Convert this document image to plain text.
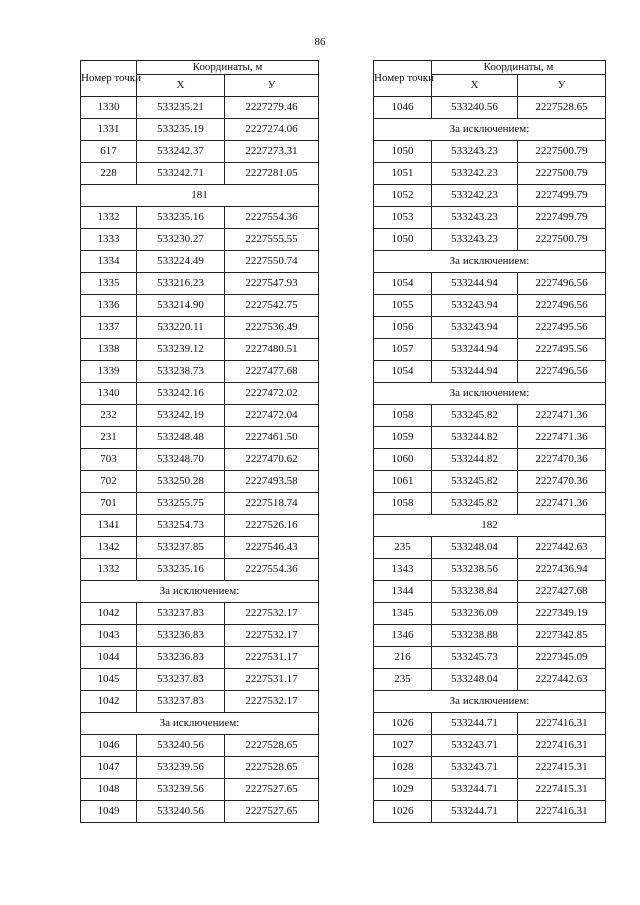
86
Номер точки	Координаты, м	
	Х	У
1330	533235.21	2227279.46
1331	533235.19	2227274.06
617	533242.37	2227273.31
228	533242.71	2227281.05
181		
1332	533235.16	2227554.36
1333	533230.27	2227555.55
1334	533224.49	2227550.74
1335	533216.23	2227547.93
1336	533214.90	2227542.75
1337	533220.11	2227536.49
1338	533239.12	2227480.51
1339	533238.73	2227477.68
1340	533242.16	2227472.02
232	533242.19	2227472.04
231	533248.48	2227461.50
703	533248.70	2227470.62
702	533250.28	2227493.58
701	533255.75	2227518.74
1341	533254.73	2227526.16
1342	533237.85	2227546.43
1332	533235.16	2227554.36
За исключением:		
1042	533237.83	2227532.17
1043	533236.83	2227532.17
1044	533236.83	2227531.17
1045	533237.83	2227531.17
1042	533237.83	2227532.17
За исключением:		
1046	533240.56	2227528.65
1047	533239.56	2227528.65
1048	533239.56	2227527.65
1049	533240.56	2227527.65
Номер точки	Координаты, м	
	Х	У
1046	533240.56	2227528.65
За исключением:		
1050	533243.23	2227500.79
1051	533242.23	2227500.79
1052	533242.23	2227499.79
1053	533243.23	2227499.79
1050	533243.23	2227500.79
За исключением:		
1054	533244.94	2227496.56
1055	533243.94	2227496.56
1056	533243.94	2227495.56
1057	533244.94	2227495.56
1054	533244.94	2227496.56
За исключением:		
1058	533245.82	2227471.36
1059	533244.82	2227471.36
1060	533244.82	2227470.36
1061	533245.82	2227470.36
1058	533245.82	2227471.36
182		
235	533248.04	2227442.63
1343	533238.56	2227436.94
1344	533238.84	2227427.68
1345	533236.09	2227349.19
1346	533238.88	2227342.85
216	533245.73	2227345.09
235	533248.04	2227442.63
За исключением:		
1026	533244.71	2227416.31
1027	533243.71	2227416.31
1028	533243.71	2227415.31
1029	533244.71	2227415.31
1026	533244.71	2227416.31
